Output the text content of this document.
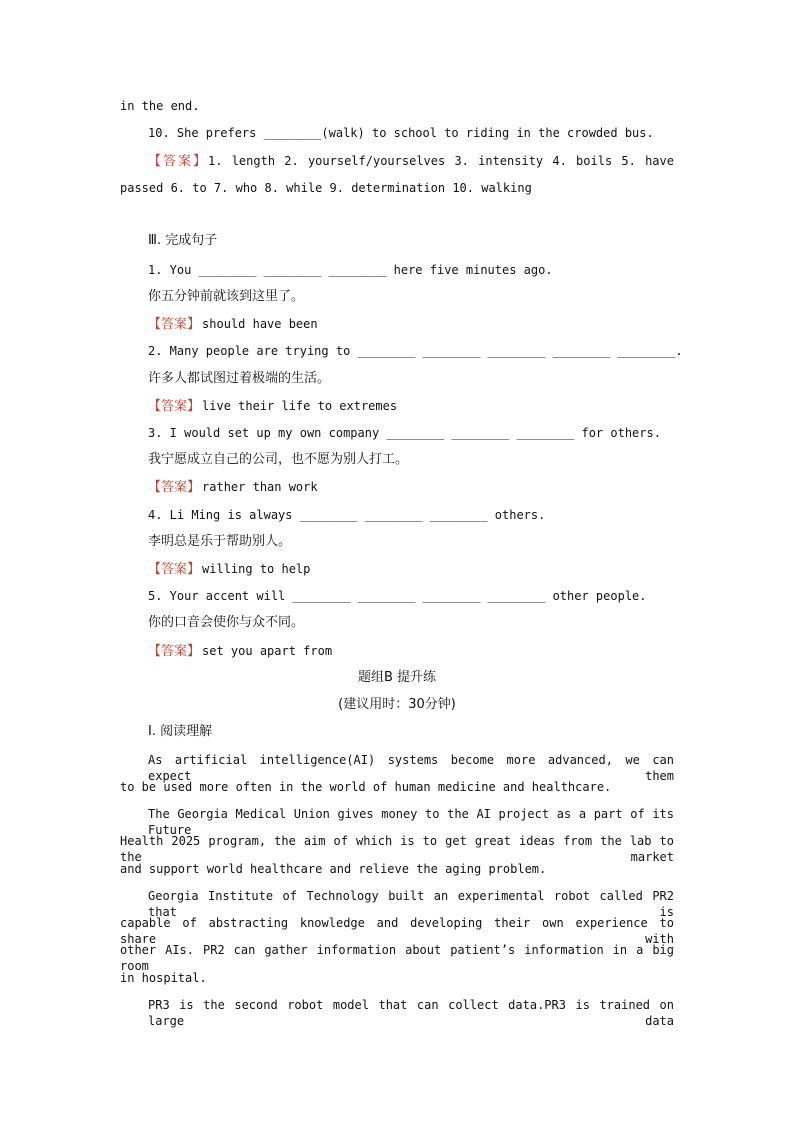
in the end.
10. She prefers ________(walk) to school to riding in the crowded bus.
【答案】1. length 2. yourself/yourselves 3. intensity 4. boils 5. have
passed 6. to 7. who 8. while 9. determination 10. walking
Ⅲ. 完成句子
1. You ________ ________ ________ here five minutes ago.
你五分钟前就该到这里了。
【答案】 should have been
2. Many people are trying to ________ ________ ________ ________ ________.
许多人都试图过着极端的生活。
【答案】 live their life to extremes
3. I would set up my own company ________ ________ ________ for others.
我宁愿成立自己的公司，也不愿为别人打工。
【答案】 rather than work
4. Li Ming is always ________ ________ ________ others.
李明总是乐于帮助别人。
【答案】 willing to help
5. Your accent will ________ ________ ________ ________ other people.
你的口音会使你与众不同。
【答案】 set you apart from
题组B 提升练
(建议用时：30分钟)
Ⅰ. 阅读理解
As artificial intelligence(AI) systems become more advanced, we can expect them
to be used more often in the world of human medicine and healthcare.
The Georgia Medical Union gives money to the AI project as a part of its Future
Health 2025 program, the aim of which is to get great ideas from the lab to the market
and support world healthcare and relieve the aging problem.
Georgia Institute of Technology built an experimental robot called PR2 that is
capable of abstracting knowledge and developing their own experience to share with
other AIs. PR2 can gather information about patient’s information in a big room
in hospital.
PR3 is the second robot model that can collect data.PR3 is trained on large data
